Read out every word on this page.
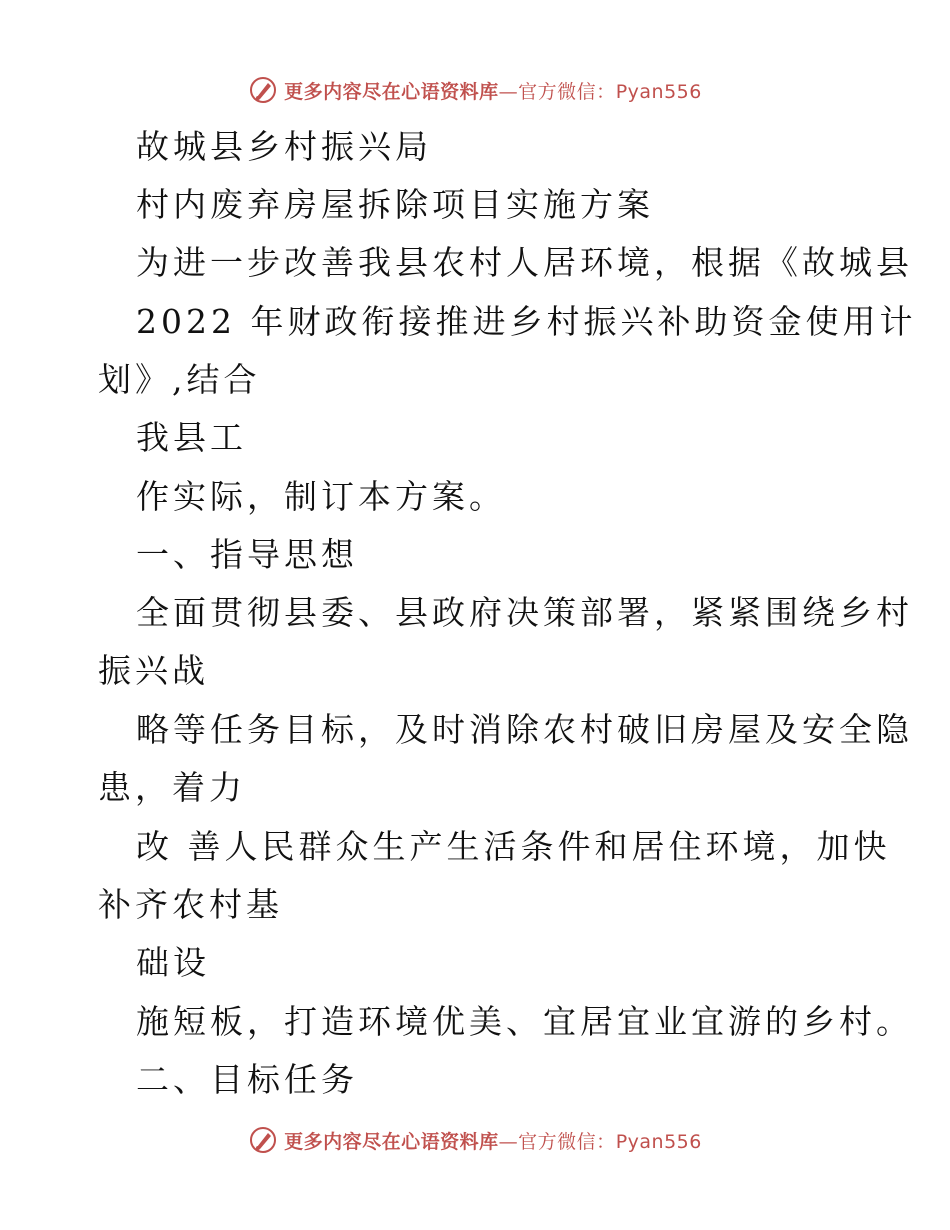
更多内容尽在心语资料库—官方微信：Pyan556
故城县乡村振兴局
村内废弃房屋拆除项目实施方案
为进一步改善我县农村人居环境，根据《故城县
2022 年财政衔接推进乡村振兴补助资金使用计
划》,结合
我县工
作实际，制订本方案。
一、指导思想
全面贯彻县委、县政府决策部署，紧紧围绕乡村
振兴战
略等任务目标，及时消除农村破旧房屋及安全隐
患，着力
改 善人民群众生产生活条件和居住环境，加快
补齐农村基
础设
施短板，打造环境优美、宜居宜业宜游的乡村。
二、目标任务
更多内容尽在心语资料库—官方微信：Pyan556
